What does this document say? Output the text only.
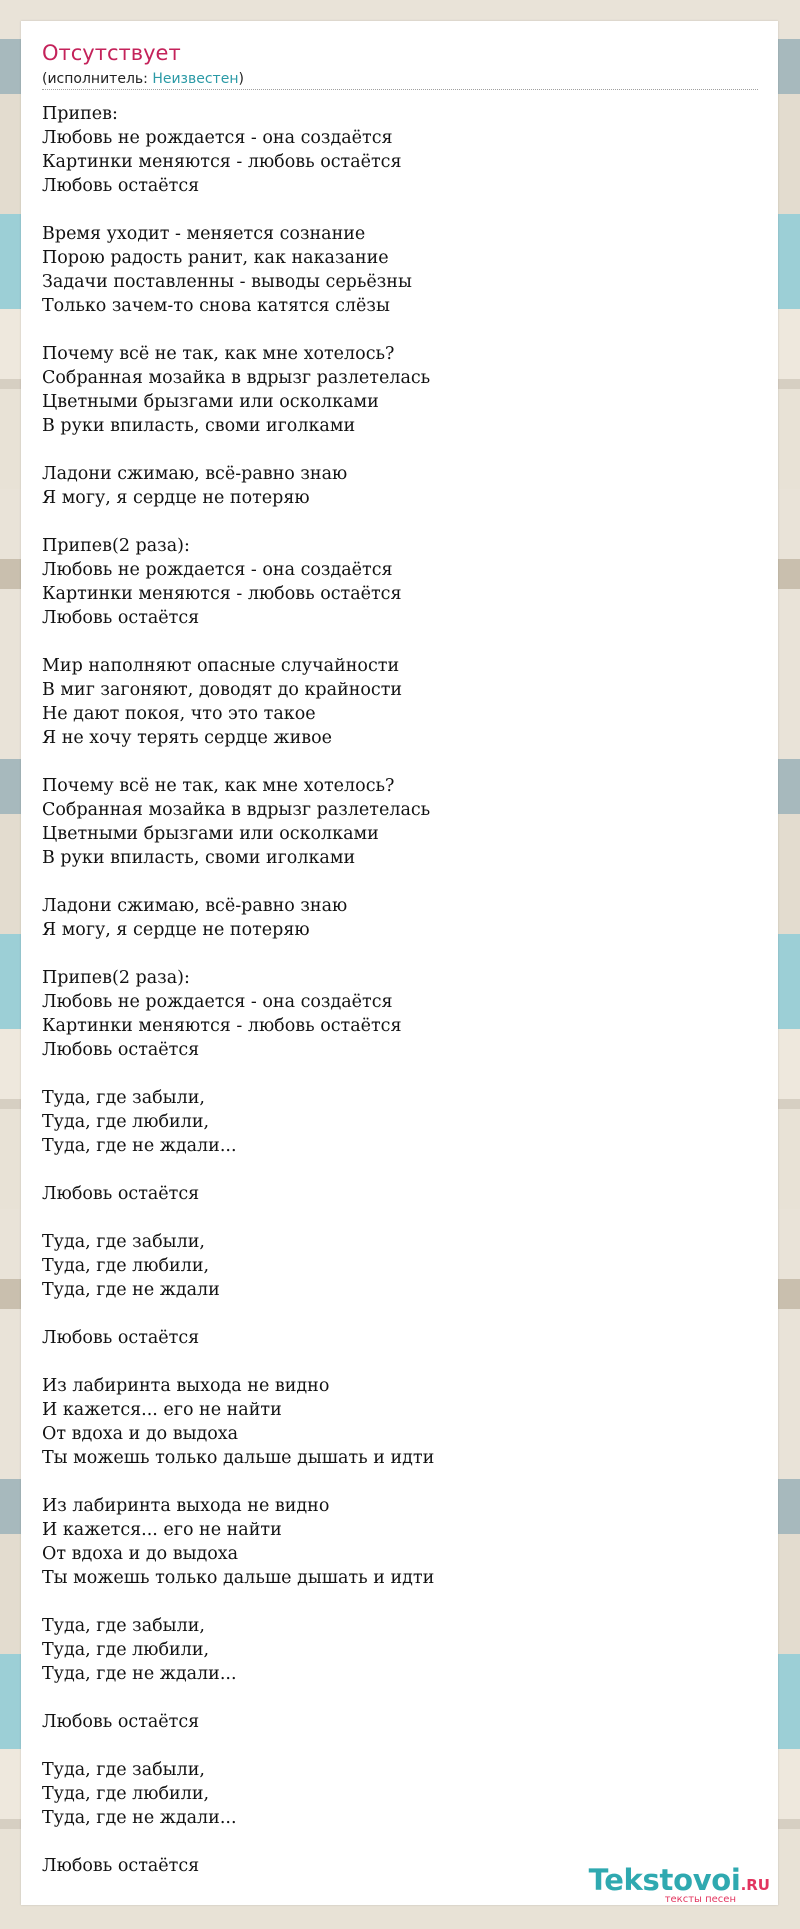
Отсутствует
(исполнитель: Неизвестен)
Припев:
Любовь не рождается - она создаётся
Картинки меняются - любовь остаётся
Любовь остаётся

Время уходит - меняется сознание
Порою радость ранит, как наказание
Задачи поставленны - выводы серьёзны
Только зачем-то снова катятся слёзы

Почему всё не так, как мне хотелось?
Собранная мозайка в вдрызг разлетелась
Цветными брызгами или осколками
В руки впиласть, своми иголками

Ладони сжимаю, всё-равно знаю
Я могу, я сердце не потеряю

Припев(2 раза):
Любовь не рождается - она создаётся
Картинки меняются - любовь остаётся
Любовь остаётся

Мир наполняют опасные случайности
В миг загоняют, доводят до крайности
Не дают покоя, что это такое
Я не хочу терять сердце живое

Почему всё не так, как мне хотелось?
Собранная мозайка в вдрызг разлетелась
Цветными брызгами или осколками
В руки впиласть, своми иголками

Ладони сжимаю, всё-равно знаю
Я могу, я сердце не потеряю

Припев(2 раза):
Любовь не рождается - она создаётся
Картинки меняются - любовь остаётся
Любовь остаётся

Туда, где забыли,
Туда, где любили,
Туда, где не ждали...

Любовь остаётся

Туда, где забыли,
Туда, где любили,
Туда, где не ждали

Любовь остаётся

Из лабиринта выхода не видно
И кажется... его не найти
От вдоха и до выдоха
Ты можешь только дальше дышать и идти

Из лабиринта выхода не видно
И кажется... его не найти
От вдоха и до выдоха
Ты можешь только дальше дышать и идти

Туда, где забыли,
Туда, где любили,
Туда, где не ждали...

Любовь остаётся

Туда, где забыли,
Туда, где любили,
Туда, где не ждали...

Любовь остаётся	Tekstovoi.RU
тексты песен
